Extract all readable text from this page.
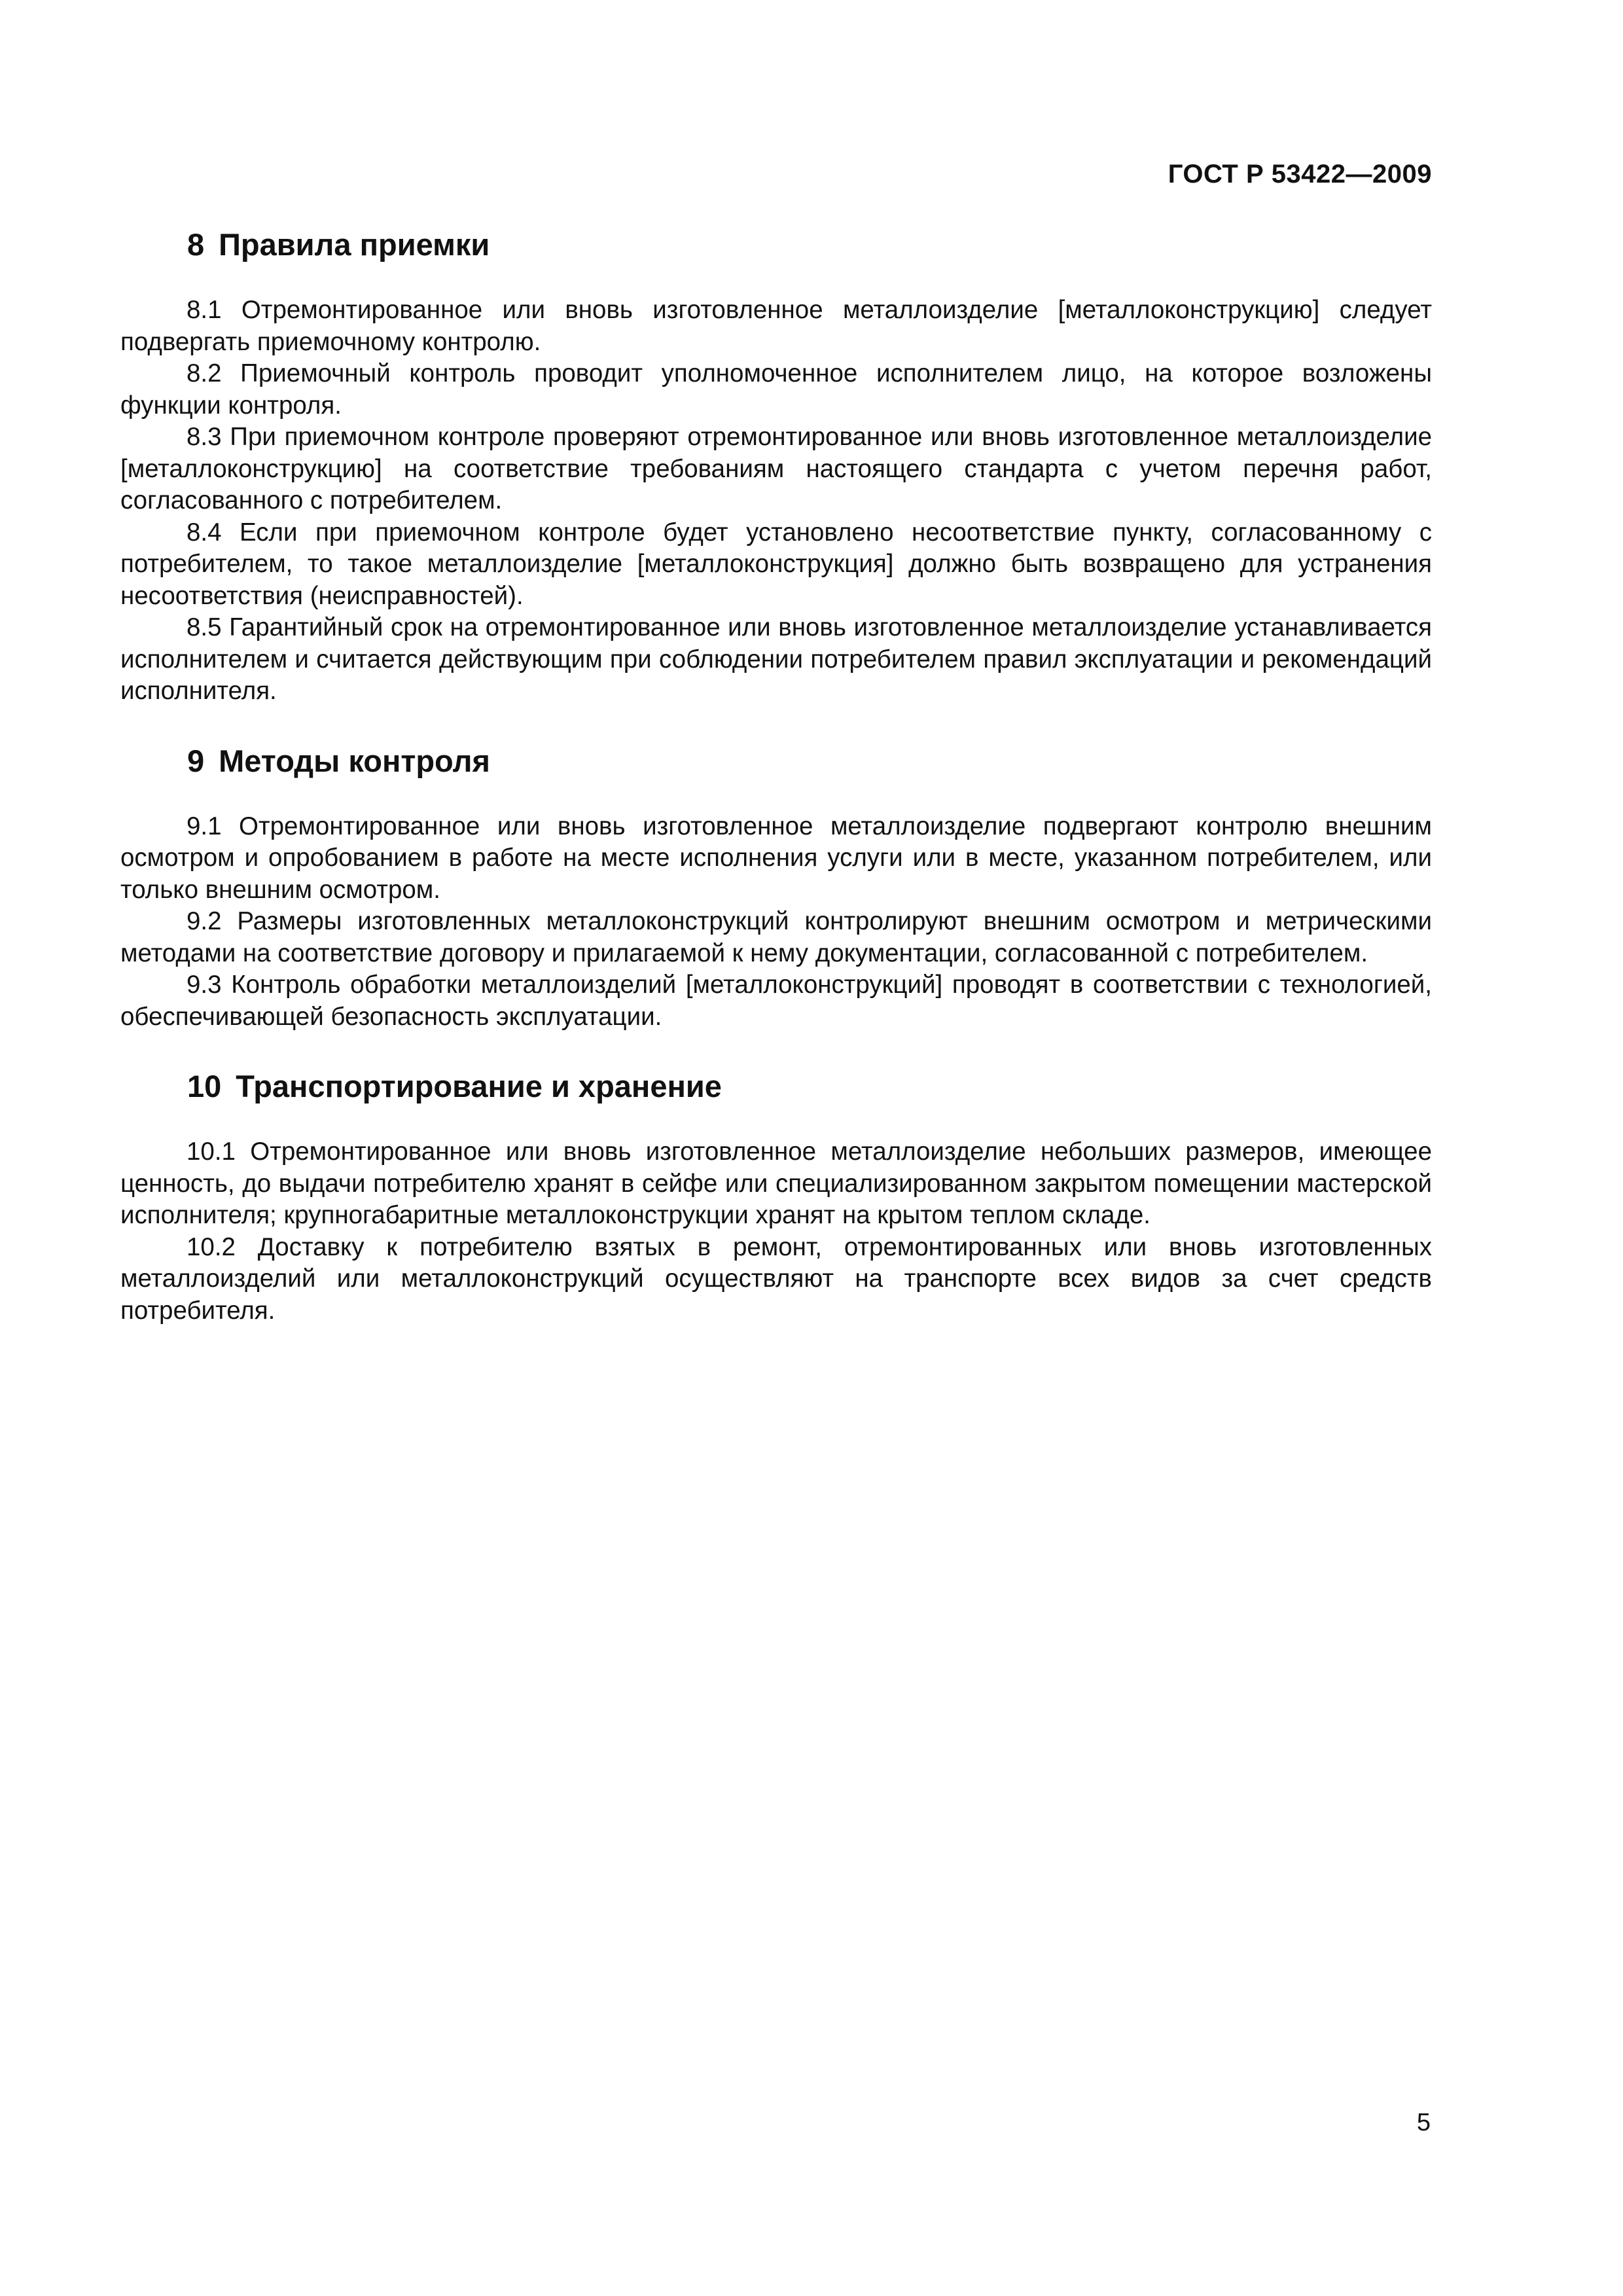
ГОСТ Р 53422—2009
8 Правила приемки

8.1 Отремонтированное или вновь изготовленное металлоизделие [металлоконструкцию] следует подвергать приемочному контролю.

8.2 Приемочный контроль проводит уполномоченное исполнителем лицо, на которое возложены функции контроля.

8.3 При приемочном контроле проверяют отремонтированное или вновь изготовленное металлоизделие [металлоконструкцию] на соответствие требованиям настоящего стандарта с учетом перечня работ, согласованного с потребителем.

8.4 Если при приемочном контроле будет установлено несоответствие пункту, согласованному с потребителем, то такое металлоизделие [металлоконструкция] должно быть возвращено для устранения несоответствия (неисправностей).

8.5 Гарантийный срок на отремонтированное или вновь изготовленное металлоизделие устанавливается исполнителем и считается действующим при соблюдении потребителем правил эксплуатации и рекомендаций исполнителя.

9 Методы контроля

9.1 Отремонтированное или вновь изготовленное металлоизделие подвергают контролю внешним осмотром и опробованием в работе на месте исполнения услуги или в месте, указанном потребителем, или только внешним осмотром.

9.2 Размеры изготовленных металлоконструкций контролируют внешним осмотром и метрическими методами на соответствие договору и прилагаемой к нему документации, согласованной с потребителем.

9.3 Контроль обработки металлоизделий [металлоконструкций] проводят в соответствии с технологией, обеспечивающей безопасность эксплуатации.

10 Транспортирование и хранение

10.1 Отремонтированное или вновь изготовленное металлоизделие небольших размеров, имеющее ценность, до выдачи потребителю хранят в сейфе или специализированном закрытом помещении мастерской исполнителя; крупногабаритные металлоконструкции хранят на крытом теплом складе.

10.2 Доставку к потребителю взятых в ремонт, отремонтированных или вновь изготовленных металлоизделий или металлоконструкций осуществляют на транспорте всех видов за счет средств потребителя.

5
